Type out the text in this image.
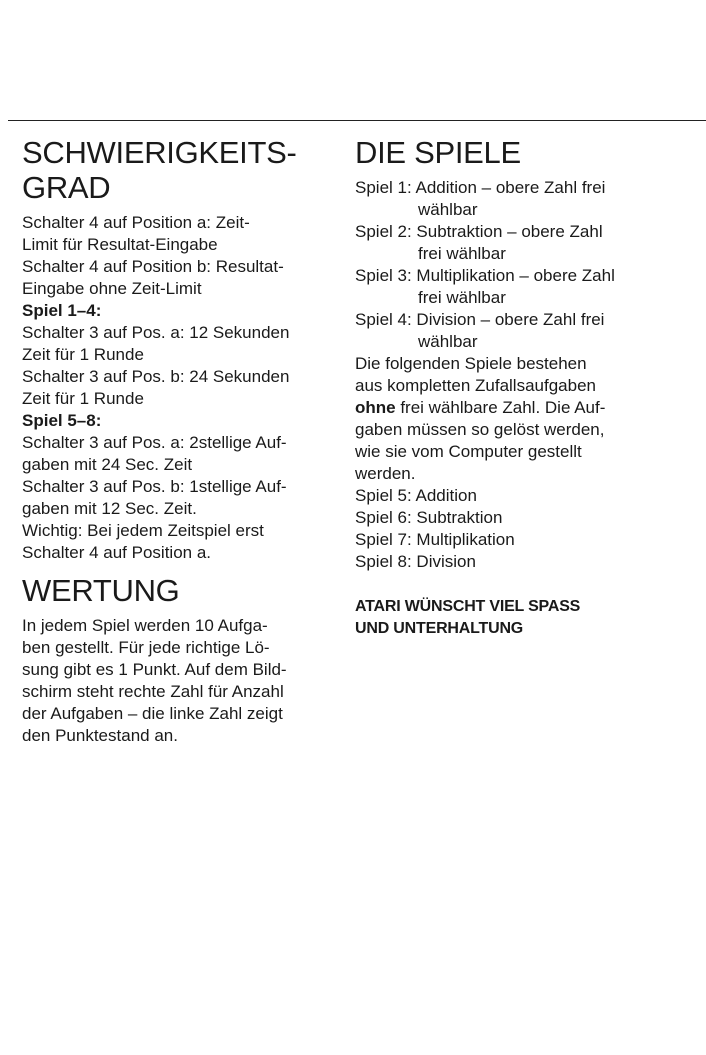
SCHWIERIGKEITS-
GRAD

Schalter 4 auf Position a: Zeit-

Limit für Resultat-Eingabe

Schalter 4 auf Position b: Resultat-

Eingabe ohne Zeit-Limit

Spiel 1–4:

Schalter 3 auf Pos. a: 12 Sekunden

Zeit für 1 Runde

Schalter 3 auf Pos. b: 24 Sekunden

Zeit für 1 Runde

Spiel 5–8:

Schalter 3 auf Pos. a: 2stellige Auf-

gaben mit 24 Sec. Zeit

Schalter 3 auf Pos. b: 1stellige Auf-

gaben mit 12 Sec. Zeit.

Wichtig: Bei jedem Zeitspiel erst

Schalter 4 auf Position a.

WERTUNG

In jedem Spiel werden 10 Aufga-

ben gestellt. Für jede richtige Lö-

sung gibt es 1 Punkt. Auf dem Bild-

schirm steht rechte Zahl für Anzahl

der Aufgaben – die linke Zahl zeigt

den Punktestand an.

DIE SPIELE

Spiel 1: Addition – obere Zahl frei

wählbar

Spiel 2: Subtraktion – obere Zahl

frei wählbar

Spiel 3: Multiplikation – obere Zahl

frei wählbar

Spiel 4: Division – obere Zahl frei

wählbar

Die folgenden Spiele bestehen

aus kompletten Zufallsaufgaben

ohne frei wählbare Zahl. Die Auf-

gaben müssen so gelöst werden,

wie sie vom Computer gestellt

werden.

Spiel 5: Addition

Spiel 6: Subtraktion

Spiel 7: Multiplikation

Spiel 8: Division

ATARI WÜNSCHT VIEL SPASS

UND UNTERHALTUNG
